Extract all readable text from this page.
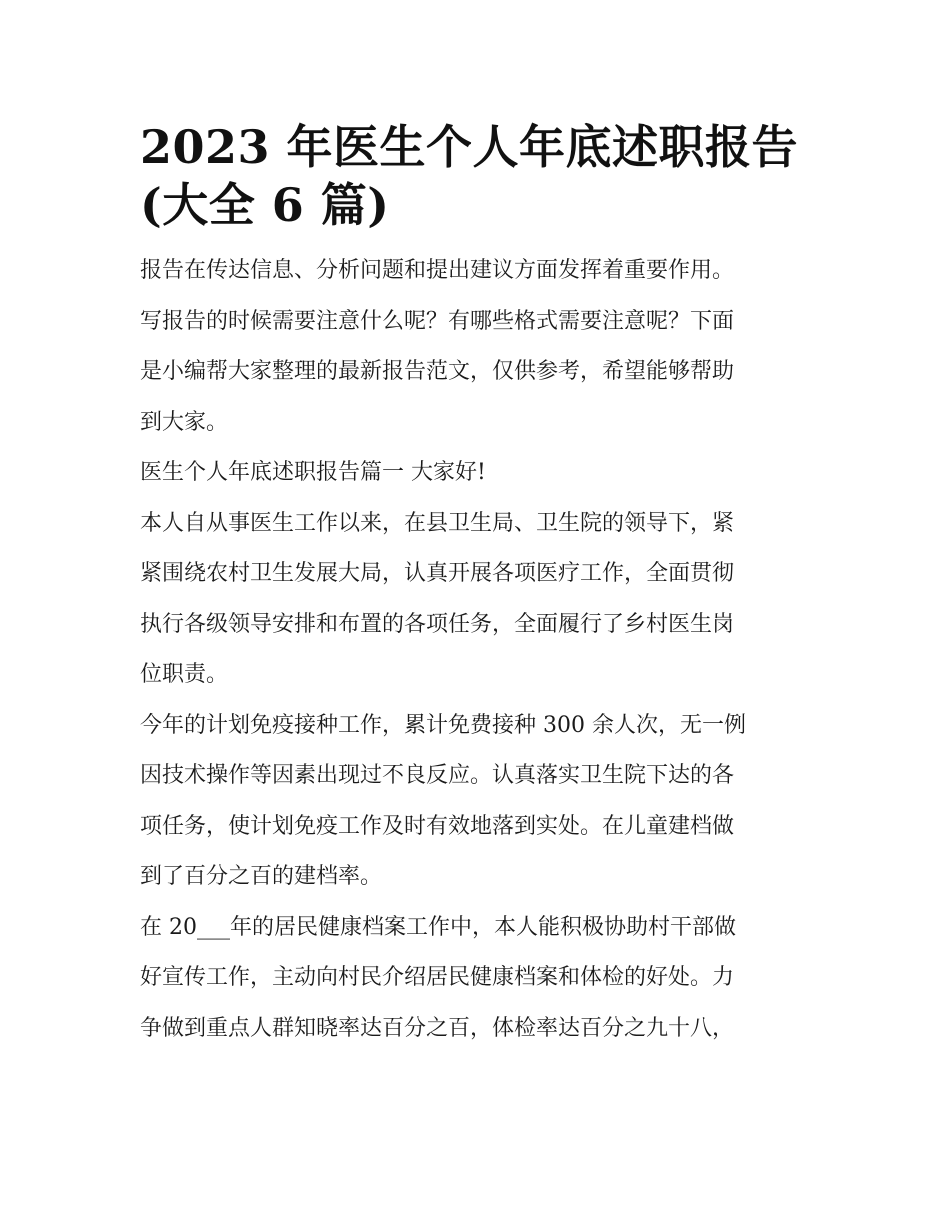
2023 年医生个人年底述职报告
(大全 6 篇)

报告在传达信息、分析问题和提出建议方面发挥着重要作用。
写报告的时候需要注意什么呢？有哪些格式需要注意呢？下面
是小编帮大家整理的最新报告范文，仅供参考，希望能够帮助
到大家。

医生个人年底述职报告篇一 大家好!

本人自从事医生工作以来，在县卫生局、卫生院的领导下，紧
紧围绕农村卫生发展大局，认真开展各项医疗工作，全面贯彻
执行各级领导安排和布置的各项任务，全面履行了乡村医生岗
位职责。

今年的计划免疫接种工作，累计免费接种 300 余人次，无一例
因技术操作等因素出现过不良反应。认真落实卫生院下达的各
项任务，使计划免疫工作及时有效地落到实处。在儿童建档做
到了百分之百的建档率。

在 20___年的居民健康档案工作中，本人能积极协助村干部做
好宣传工作，主动向村民介绍居民健康档案和体检的好处。力
争做到重点人群知晓率达百分之百，体检率达百分之九十八，
